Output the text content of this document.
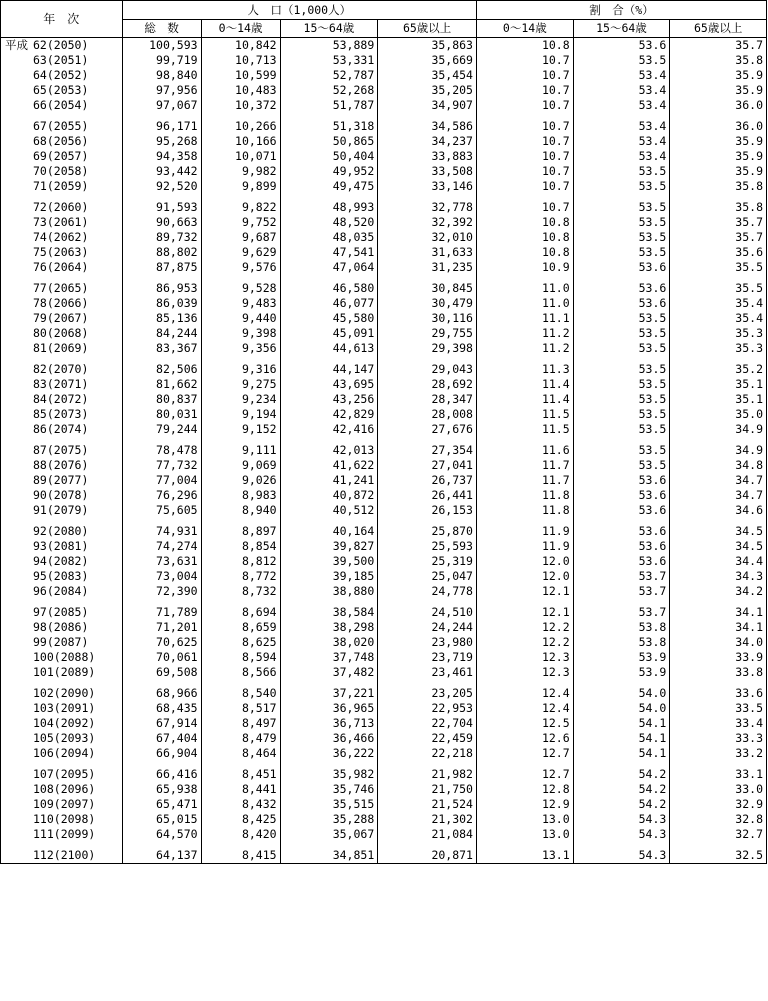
年　次	人　口（1,000人）				割　合（%）		
	総　数	0～14歳	15～64歳	65歳以上	0～14歳	15～64歳	65歳以上
平成 62(2050)	100,593	10,842	53,889	35,863	10.8	53.6	35.7
63(2051)	99,719	10,713	53,331	35,669	10.7	53.5	35.8
64(2052)	98,840	10,599	52,787	35,454	10.7	53.4	35.9
65(2053)	97,956	10,483	52,268	35,205	10.7	53.4	35.9
66(2054)	97,067	10,372	51,787	34,907	10.7	53.4	36.0
67(2055)	96,171	10,266	51,318	34,586	10.7	53.4	36.0
68(2056)	95,268	10,166	50,865	34,237	10.7	53.4	35.9
69(2057)	94,358	10,071	50,404	33,883	10.7	53.4	35.9
70(2058)	93,442	9,982	49,952	33,508	10.7	53.5	35.9
71(2059)	92,520	9,899	49,475	33,146	10.7	53.5	35.8
72(2060)	91,593	9,822	48,993	32,778	10.7	53.5	35.8
73(2061)	90,663	9,752	48,520	32,392	10.8	53.5	35.7
74(2062)	89,732	9,687	48,035	32,010	10.8	53.5	35.7
75(2063)	88,802	9,629	47,541	31,633	10.8	53.5	35.6
76(2064)	87,875	9,576	47,064	31,235	10.9	53.6	35.5
77(2065)	86,953	9,528	46,580	30,845	11.0	53.6	35.5
78(2066)	86,039	9,483	46,077	30,479	11.0	53.6	35.4
79(2067)	85,136	9,440	45,580	30,116	11.1	53.5	35.4
80(2068)	84,244	9,398	45,091	29,755	11.2	53.5	35.3
81(2069)	83,367	9,356	44,613	29,398	11.2	53.5	35.3
82(2070)	82,506	9,316	44,147	29,043	11.3	53.5	35.2
83(2071)	81,662	9,275	43,695	28,692	11.4	53.5	35.1
84(2072)	80,837	9,234	43,256	28,347	11.4	53.5	35.1
85(2073)	80,031	9,194	42,829	28,008	11.5	53.5	35.0
86(2074)	79,244	9,152	42,416	27,676	11.5	53.5	34.9
87(2075)	78,478	9,111	42,013	27,354	11.6	53.5	34.9
88(2076)	77,732	9,069	41,622	27,041	11.7	53.5	34.8
89(2077)	77,004	9,026	41,241	26,737	11.7	53.6	34.7
90(2078)	76,296	8,983	40,872	26,441	11.8	53.6	34.7
91(2079)	75,605	8,940	40,512	26,153	11.8	53.6	34.6
92(2080)	74,931	8,897	40,164	25,870	11.9	53.6	34.5
93(2081)	74,274	8,854	39,827	25,593	11.9	53.6	34.5
94(2082)	73,631	8,812	39,500	25,319	12.0	53.6	34.4
95(2083)	73,004	8,772	39,185	25,047	12.0	53.7	34.3
96(2084)	72,390	8,732	38,880	24,778	12.1	53.7	34.2
97(2085)	71,789	8,694	38,584	24,510	12.1	53.7	34.1
98(2086)	71,201	8,659	38,298	24,244	12.2	53.8	34.1
99(2087)	70,625	8,625	38,020	23,980	12.2	53.8	34.0
100(2088)	70,061	8,594	37,748	23,719	12.3	53.9	33.9
101(2089)	69,508	8,566	37,482	23,461	12.3	53.9	33.8
102(2090)	68,966	8,540	37,221	23,205	12.4	54.0	33.6
103(2091)	68,435	8,517	36,965	22,953	12.4	54.0	33.5
104(2092)	67,914	8,497	36,713	22,704	12.5	54.1	33.4
105(2093)	67,404	8,479	36,466	22,459	12.6	54.1	33.3
106(2094)	66,904	8,464	36,222	22,218	12.7	54.1	33.2
107(2095)	66,416	8,451	35,982	21,982	12.7	54.2	33.1
108(2096)	65,938	8,441	35,746	21,750	12.8	54.2	33.0
109(2097)	65,471	8,432	35,515	21,524	12.9	54.2	32.9
110(2098)	65,015	8,425	35,288	21,302	13.0	54.3	32.8
111(2099)	64,570	8,420	35,067	21,084	13.0	54.3	32.7
112(2100)	64,137	8,415	34,851	20,871	13.1	54.3	32.5
